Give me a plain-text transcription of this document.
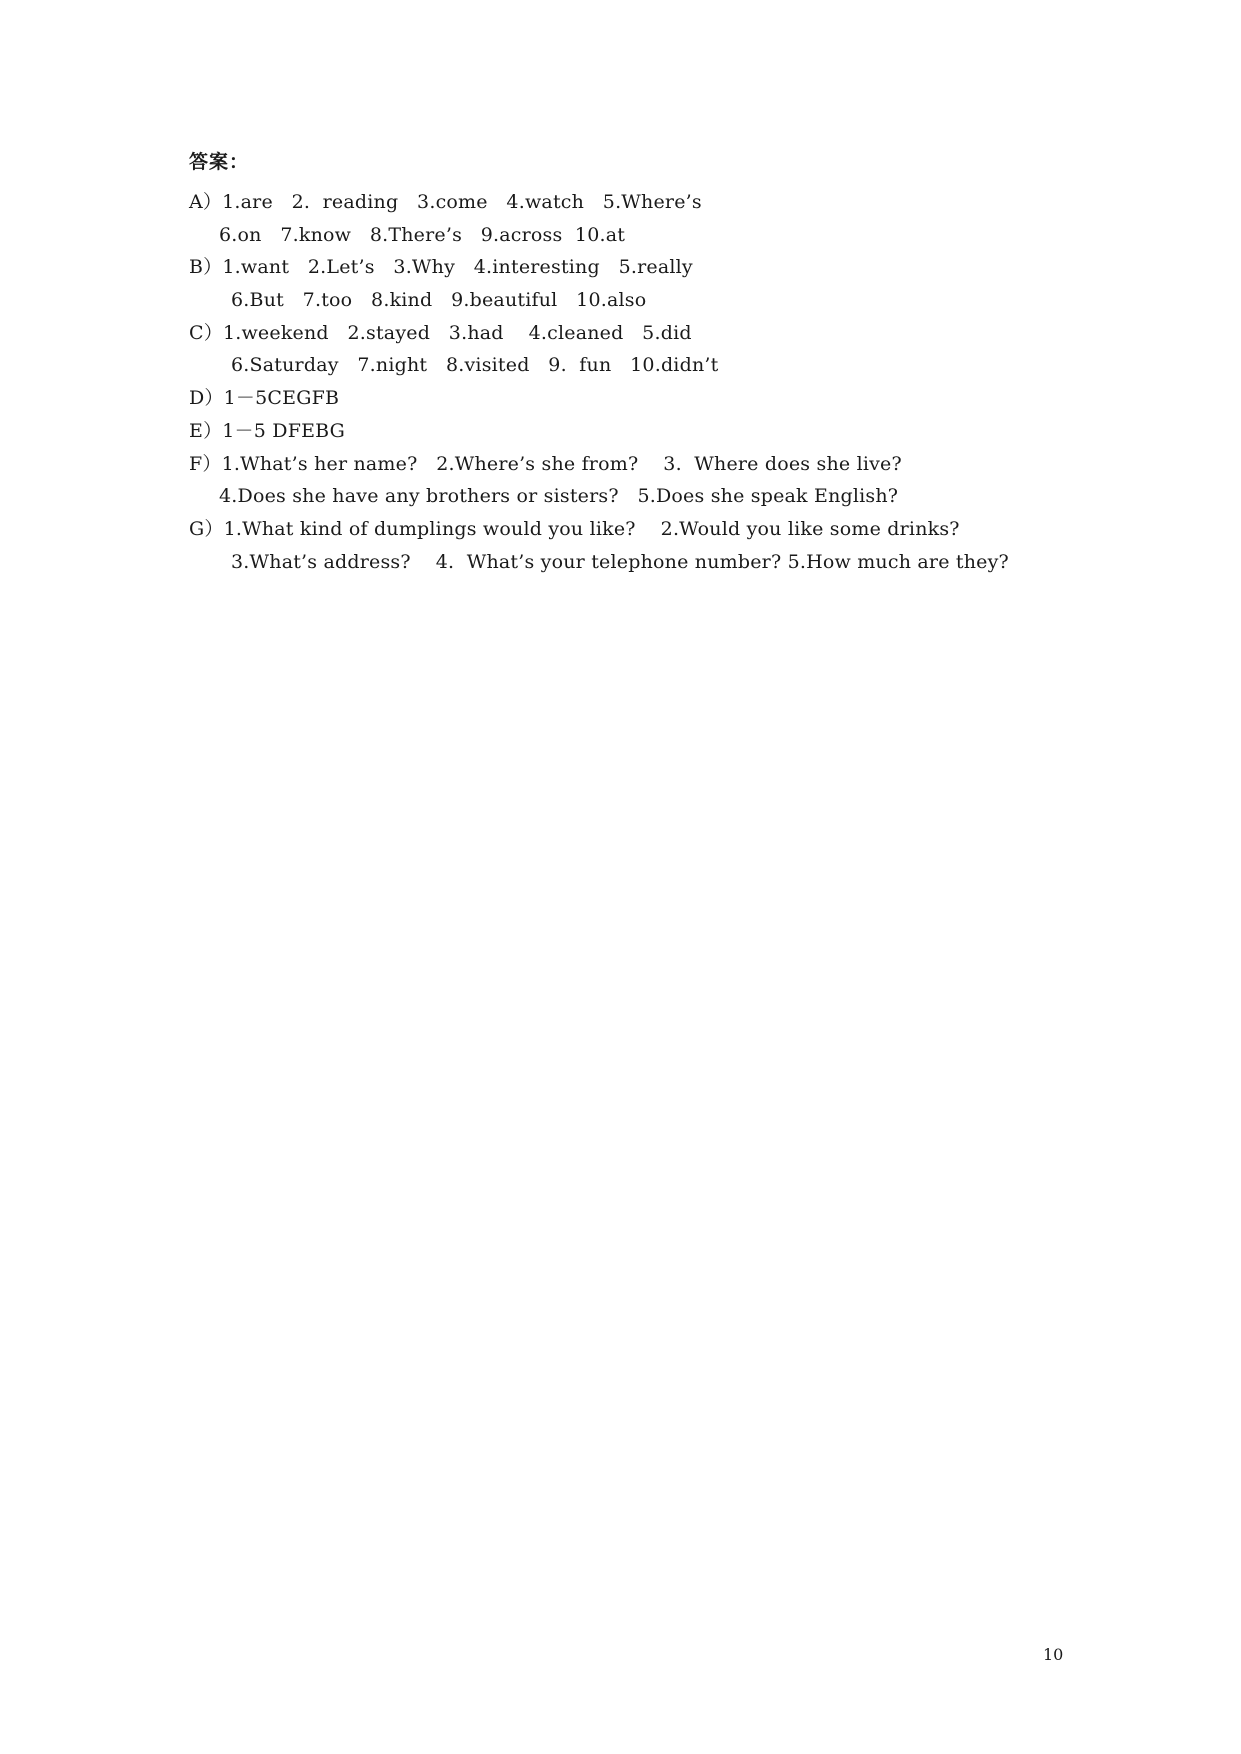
答案：
A）1.are   2.  reading   3.come   4.watch   5.Where’s
6.on   7.know   8.There’s   9.across  10.at
B）1.want   2.Let’s   3.Why   4.interesting   5.really
6.But   7.too   8.kind   9.beautiful   10.also
C）1.weekend   2.stayed   3.had    4.cleaned   5.did
6.Saturday   7.night   8.visited   9.  fun   10.didn’t
D）1－5CEGFB
E）1－5 DFEBG
F）1.What’s her name?   2.Where’s she from?    3.  Where does she live?
4.Does she have any brothers or sisters?   5.Does she speak English?
G）1.What kind of dumplings would you like?    2.Would you like some drinks?
3.What’s address?    4.  What’s your telephone number? 5.How much are they?
10
